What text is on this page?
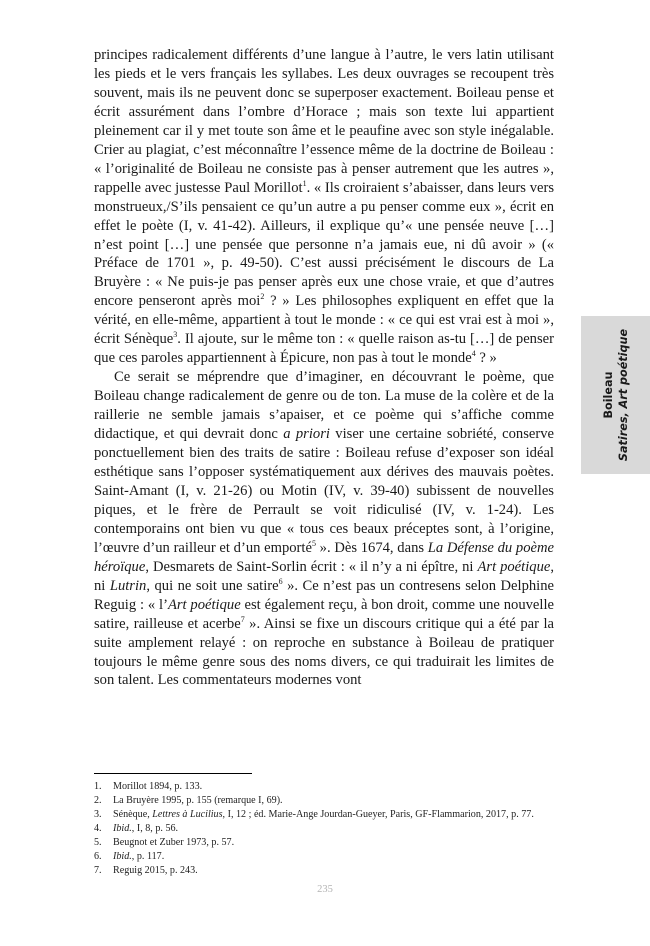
principes radicalement différents d’une langue à l’autre, le vers latin utilisant les pieds et le vers français les syllabes. Les deux ouvrages se recoupent très souvent, mais ils ne peuvent donc se superposer exactement. Boileau pense et écrit assurément dans l’ombre d’Horace ; mais son texte lui appartient pleinement car il y met toute son âme et le peaufine avec son style inégalable. Crier au plagiat, c’est méconnaître l’essence même de la doctrine de Boileau : « l’originalité de Boileau ne consiste pas à penser autrement que les autres », rappelle avec justesse Paul Morillot$^1$. « Ils croiraient s’abaisser, dans leurs vers monstrueux,/S’ils pensaient ce qu’un autre a pu penser comme eux », écrit en effet le poète (I, v. 41-42). Ailleurs, il explique qu’« une pensée neuve […] n’est point […] une pensée que personne n’a jamais eue, ni dû avoir » (« Préface de 1701 », p. 49-50). C’est aussi précisément le discours de La Bruyère : « Ne puis-je pas penser après eux une chose vraie, et que d’autres encore penseront après moi$^2$ ? » Les philosophes expliquent en effet que la vérité, en elle-même, appartient à tout le monde : « ce qui est vrai est à moi », écrit Sénèque$^3$. Il ajoute, sur le même ton : « quelle raison as-tu […] de penser que ces paroles appartiennent à Épicure, non pas à tout le monde$^4$ ? »

Ce serait se méprendre que d’imaginer, en découvrant le poème, que Boileau change radicalement de genre ou de ton. La muse de la colère et de la raillerie ne semble jamais s’apaiser, et ce poème qui s’affiche comme didactique, et qui devrait donc a priori viser une certaine sobriété, conserve ponctuellement bien des traits de satire : Boileau refuse d’exposer son idéal esthétique sans l’opposer systématiquement aux dérives des mauvais poètes. Saint-Amant (I, v. 21-26) ou Motin (IV, v. 39-40) subissent de nouvelles piques, et le frère de Perrault se voit ridiculisé (IV, v. 1-24). Les contemporains ont bien vu que « tous ces beaux préceptes sont, à l’origine, l’œuvre d’un railleur et d’un emporté$^5$ ». Dès 1674, dans La Défense du poème héroïque, Desmarets de Saint-Sorlin écrit : « il n’y a ni épître, ni Art poétique, ni Lutrin, qui ne soit une satire$^6$ ». Ce n’est pas un contresens selon Delphine Reguig : « l’Art poétique est également reçu, à bon droit, comme une nouvelle satire, railleuse et acerbe$^7$ ». Ainsi se fixe un discours critique qui a été par la suite amplement relayé : on reproche en substance à Boileau de pratiquer toujours le même genre sous des noms divers, ce qui traduirait les limites de son talent. Les commentateurs modernes vont

1. Morillot 1894, p. 133.
2. La Bruyère 1995, p. 155 (remarque I, 69).
3. Sénèque, Lettres à Lucilius, I, 12 ; éd. Marie-Ange Jourdan-Gueyer, Paris, GF-Flammarion, 2017, p. 77.
4. Ibid., I, 8, p. 56.
5. Beugnot et Zuber 1973, p. 57.
6. Ibid., p. 117.
7. Reguig 2015, p. 243.
235
Boileau Satires, Art poétique
